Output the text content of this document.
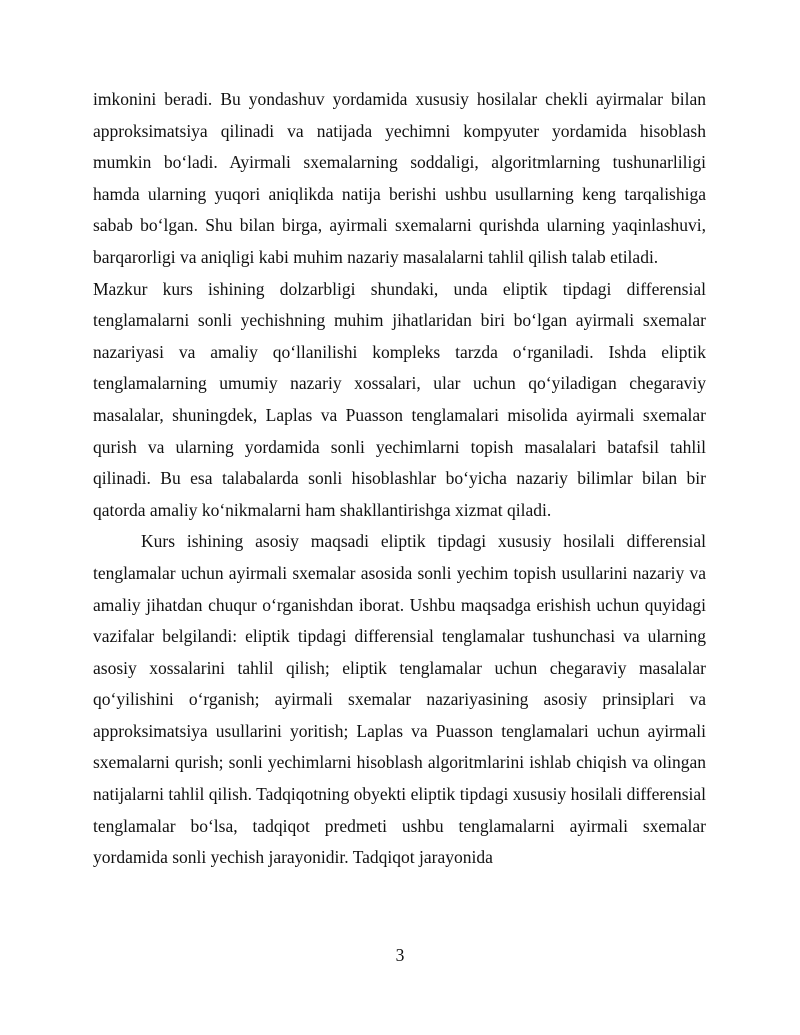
imkonini beradi. Bu yondashuv yordamida xususiy hosilalar chekli ayirmalar bilan approksimatsiya qilinadi va natijada yechimni kompyuter yordamida hisoblash mumkin bo‘ladi. Ayirmali sxemalarning soddaligi, algoritmlarning tushunarliligi hamda ularning yuqori aniqlikda natija berishi ushbu usullarning keng tarqalishiga sabab bo‘lgan. Shu bilan birga, ayirmali sxemalarni qurishda ularning yaqinlashuvi, barqarorligi va aniqligi kabi muhim nazariy masalalarni tahlil qilish talab etiladi.

Mazkur kurs ishining dolzarbligi shundaki, unda eliptik tipdagi differensial tenglamalarni sonli yechishning muhim jihatlaridan biri bo‘lgan ayirmali sxemalar nazariyasi va amaliy qo‘llanilishi kompleks tarzda o‘rganiladi. Ishda eliptik tenglamalarning umumiy nazariy xossalari, ular uchun qo‘yiladigan chegaraviy masalalar, shuningdek, Laplas va Puasson tenglamalari misolida ayirmali sxemalar qurish va ularning yordamida sonli yechimlarni topish masalalari batafsil tahlil qilinadi. Bu esa talabalarda sonli hisoblashlar bo‘yicha nazariy bilimlar bilan bir qatorda amaliy ko‘nikmalarni ham shakllantirishga xizmat qiladi.

Kurs ishining asosiy maqsadi eliptik tipdagi xususiy hosilali differensial tenglamalar uchun ayirmali sxemalar asosida sonli yechim topish usullarini nazariy va amaliy jihatdan chuqur o‘rganishdan iborat. Ushbu maqsadga erishish uchun quyidagi vazifalar belgilandi: eliptik tipdagi differensial tenglamalar tushunchasi va ularning asosiy xossalarini tahlil qilish; eliptik tenglamalar uchun chegaraviy masalalar qo‘yilishini o‘rganish; ayirmali sxemalar nazariyasining asosiy prinsiplari va approksimatsiya usullarini yoritish; Laplas va Puasson tenglamalari uchun ayirmali sxemalarni qurish; sonli yechimlarni hisoblash algoritmlarini ishlab chiqish va olingan natijalarni tahlil qilish. Tadqiqotning obyekti eliptik tipdagi xususiy hosilali differensial tenglamalar bo‘lsa, tadqiqot predmeti ushbu tenglamalarni ayirmali sxemalar yordamida sonli yechish jarayonidir. Tadqiqot jarayonida

3
